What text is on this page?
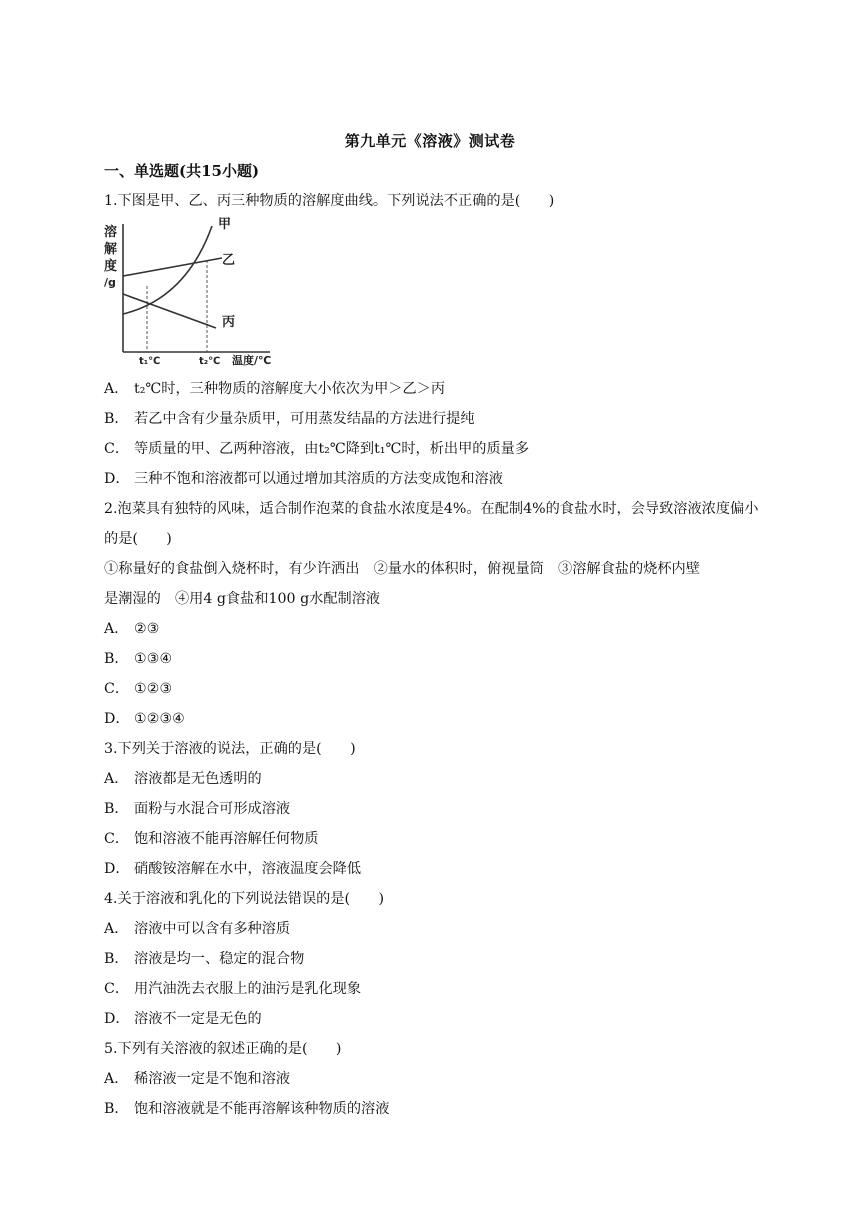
第九单元《溶液》测试卷
一、单选题(共15小题)
1.下图是甲、乙、丙三种物质的溶解度曲线。下列说法不正确的是(　　)
溶
解
度
/g
甲
乙
丙
t₁℃	t₂℃ 温度/℃
A． t₂℃时，三种物质的溶解度大小依次为甲＞乙＞丙
B． 若乙中含有少量杂质甲，可用蒸发结晶的方法进行提纯
C． 等质量的甲、乙两种溶液，由t₂℃降到t₁℃时，析出甲的质量多
D． 三种不饱和溶液都可以通过增加其溶质的方法变成饱和溶液
2.泡菜具有独特的风味，适合制作泡菜的食盐水浓度是4%。在配制4%的食盐水时，会导致溶液浓度偏小的是(　　)
①称量好的食盐倒入烧杯时，有少许洒出　②量水的体积时，俯视量筒　③溶解食盐的烧杯内壁
是潮湿的　④用4 g食盐和100 g水配制溶液
A． ②③
B． ①③④
C． ①②③
D． ①②③④
3.下列关于溶液的说法，正确的是(　　)
A． 溶液都是无色透明的
B． 面粉与水混合可形成溶液
C． 饱和溶液不能再溶解任何物质
D． 硝酸铵溶解在水中，溶液温度会降低
4.关于溶液和乳化的下列说法错误的是(　　)
A． 溶液中可以含有多种溶质
B． 溶液是均一、稳定的混合物
C． 用汽油洗去衣服上的油污是乳化现象
D． 溶液不一定是无色的
5.下列有关溶液的叙述正确的是(　　)
A． 稀溶液一定是不饱和溶液
B． 饱和溶液就是不能再溶解该种物质的溶液
